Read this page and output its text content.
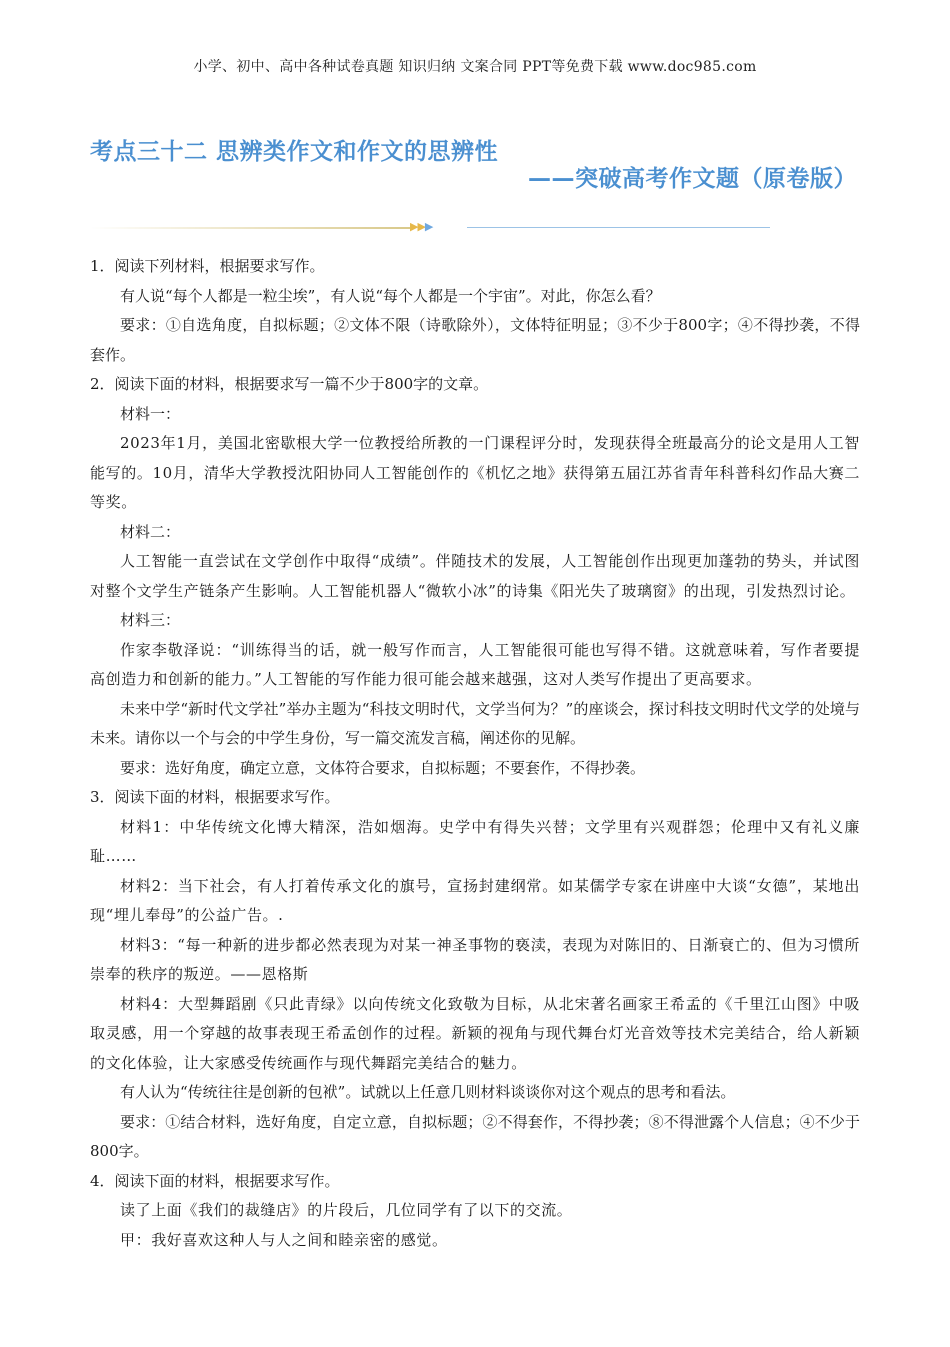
小学、初中、高中各种试卷真题 知识归纳 文案合同 PPT等免费下载 www.doc985.com
考点三十二 思辨类作文和作文的思辨性
——突破高考作文题（原卷版）
▶▶▶

1．阅读下列材料，根据要求写作。

有人说“每个人都是一粒尘埃”，有人说“每个人都是一个宇宙”。对此，你怎么看？

要求：①自选角度，自拟标题；②文体不限（诗歌除外），文体特征明显；③不少于800字；④不得抄袭，不得套作。

2．阅读下面的材料，根据要求写一篇不少于800字的文章。

材料一：

2023年1月，美国北密歇根大学一位教授给所教的一门课程评分时，发现获得全班最高分的论文是用人工智能写的。10月，清华大学教授沈阳协同人工智能创作的《机忆之地》获得第五届江苏省青年科普科幻作品大赛二等奖。

材料二：

人工智能一直尝试在文学创作中取得“成绩”。伴随技术的发展，人工智能创作出现更加蓬勃的势头，并试图对整个文学生产链条产生影响。人工智能机器人“微软小冰”的诗集《阳光失了玻璃窗》的出现，引发热烈讨论。

材料三：

作家李敬泽说：“训练得当的话，就一般写作而言，人工智能很可能也写得不错。这就意味着，写作者要提高创造力和创新的能力。”人工智能的写作能力很可能会越来越强，这对人类写作提出了更高要求。

未来中学“新时代文学社”举办主题为“科技文明时代，文学当何为？”的座谈会，探讨科技文明时代文学的处境与未来。请你以一个与会的中学生身份，写一篇交流发言稿，阐述你的见解。

要求：选好角度，确定立意，文体符合要求，自拟标题；不要套作，不得抄袭。

3．阅读下面的材料，根据要求写作。

材料1：中华传统文化博大精深，浩如烟海。史学中有得失兴替；文学里有兴观群怨；伦理中又有礼义廉耻……

材料2：当下社会，有人打着传承文化的旗号，宣扬封建纲常。如某儒学专家在讲座中大谈“女德”，某地出现“埋儿奉母”的公益广告。.

材料3：“每一种新的进步都必然表现为对某一神圣事物的亵渎，表现为对陈旧的、日渐衰亡的、但为习惯所崇奉的秩序的叛逆。——恩格斯

材料4：大型舞蹈剧《只此青绿》以向传统文化致敬为目标，从北宋著名画家王希孟的《千里江山图》中吸取灵感，用一个穿越的故事表现王希孟创作的过程。新颖的视角与现代舞台灯光音效等技术完美结合，给人新颖的文化体验，让大家感受传统画作与现代舞蹈完美结合的魅力。

有人认为“传统往往是创新的包袱”。试就以上任意几则材料谈谈你对这个观点的思考和看法。

要求：①结合材料，选好角度，自定立意，自拟标题；②不得套作，不得抄袭；⑧不得泄露个人信息；④不少于800字。

4．阅读下面的材料，根据要求写作。

读了上面《我们的裁缝店》的片段后，几位同学有了以下的交流。

甲：我好喜欢这种人与人之间和睦亲密的感觉。
